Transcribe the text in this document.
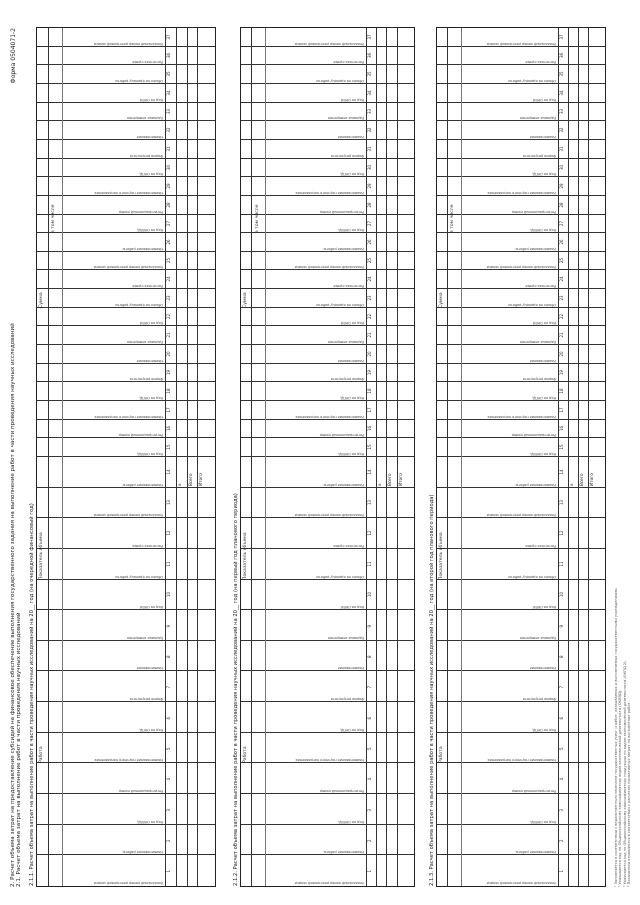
Форма 0504071-2
2. Расчет объема затрат на предоставление субсидий на финансовое обеспечение выполнения государственного задания на выполнение работ в части проведения научных исследований 2.1. Расчет объема затрат на выполнение работ в части проведения научных исследований 2.1.1. Расчет объема затрат на выполнение работ в части проведения научных исследований на 20__ год (на очередной финансовый год) Работа
Показатель объема
Сумма
в том числе
Уникальный номер реестровой записи
Наименование работы
Код по ОКВЭД
Регистрационный номер
Наименование научного направления
Код по ОКПД
Форма результата
Наименование
Единица измерения
Код по ОКЕИ
Объем на единицу работы
Расчетная сумма
Уникальный номер реестровой записи
Наименование работы
Код по ОКВЭД
Регистрационный номер
Наименование научного направления
Код по ОКПД
Форма результата
Наименование
Единица измерения
Код по ОКЕИ
Объем на единицу работы
Расчетная сумма
Уникальный номер реестровой записи
Наименование работы
Код по ОКВЭД
Регистрационный номер
Наименование научного направления
Код по ОКПД
Форма результата
Наименование
Единица измерения
Код по ОКЕИ
Объем на единицу работы
Расчетная сумма
Уникальный номер реестровой записи
1
2
3
4
5
6
7
8
9
10
11
12
13
14
15
16
17
18
19
20
21
22
23
24
25
26
27
28
29
30
31
32
33
34
35
36
37
Итого
х Всего
2.1.2. Расчет объема затрат на выполнение работ в части проведения научных исследований на 20__ год (на первый год планового периода) Работа
Показатель объема
Сумма
в том числе
Уникальный номер реестровой записи
Наименование работы
Код по ОКВЭД
Регистрационный номер
Наименование научного направления
Код по ОКПД
Форма результата
Наименование
Единица измерения
Код по ОКЕИ
Объем на единицу работы
Расчетная сумма
Уникальный номер реестровой записи
Наименование работы
Код по ОКВЭД
Регистрационный номер
Наименование научного направления
Код по ОКПД
Форма результата
Наименование
Единица измерения
Код по ОКЕИ
Объем на единицу работы
Расчетная сумма
Уникальный номер реестровой записи
Наименование работы
Код по ОКВЭД
Регистрационный номер
Наименование научного направления
Код по ОКПД
Форма результата
Наименование
Единица измерения
Код по ОКЕИ
Объем на единицу работы
Расчетная сумма
Уникальный номер реестровой записи
1
2
3
4
5
6
7
8
9
10
11
12
13
14
15
16
17
18
19
20
21
22
23
24
25
26
27
28
29
30
31
32
33
34
35
36
37
Итого
х Всего
2.1.3. Расчет объема затрат на выполнение работ в части проведения научных исследований на 20__ год (на второй год планового периода) Работа
Показатель объема
Сумма
в том числе
Уникальный номер реестровой записи
Наименование работы
Код по ОКВЭД
Регистрационный номер
Наименование научного направления
Код по ОКПД
Форма результата
Наименование
Единица измерения
Код по ОКЕИ
Объем на единицу работы
Расчетная сумма
Уникальный номер реестровой записи
Наименование работы
Код по ОКВЭД
Регистрационный номер
Наименование научного направления
Код по ОКПД
Форма результата
Наименование
Единица измерения
Код по ОКЕИ
Объем на единицу работы
Расчетная сумма
Уникальный номер реестровой записи
Наименование работы
Код по ОКВЭД
Регистрационный номер
Наименование научного направления
Код по ОКПД
Форма результата
Наименование
Единица измерения
Код по ОКЕИ
Объем на единицу работы
Расчетная сумма
Уникальный номер реестровой записи
1
2
3
4
5
6
7
8
9
10
11
12
13
14
15
16
17
18
19
20
21
22
23
24
25
26
27
28
29
30
31
32
33
34
35
36
37
Итого
х Всего
¹ Заполняется в соответствии с ведомственным перечнем государственных услуг и работ, оказываемых и выполняемых государственными учреждениями. ² Указывается код по Общероссийскому классификатору видов экономической деятельности (ОКВЭД). ³ Указывается код по Общероссийскому классификатору продукции по видам экономической деятельности (ОКПД 2). ⁴ Показатели отражаются в соответствии с расчетом нормативных затрат на выполнение работ.
